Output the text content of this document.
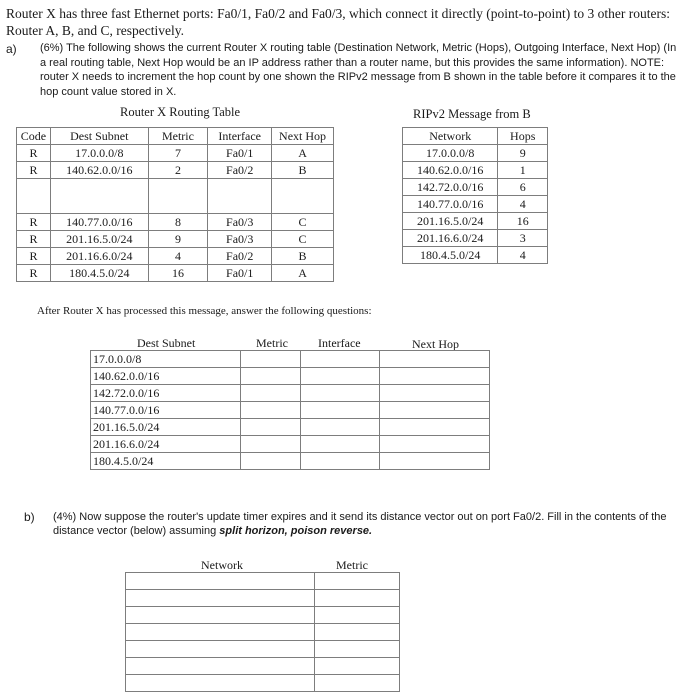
Router X has three fast Ethernet ports: Fa0/1, Fa0/2 and Fa0/3, which connect it directly (point-to-point) to 3 other routers: Router A, B, and C, respectively.
a) (6%) The following shows the current Router X routing table (Destination Network, Metric (Hops), Outgoing Interface, Next Hop) (In a real routing table, Next Hop would be an IP address rather than a router name, but this provides the same information). NOTE: router X needs to increment the hop count by one shown the RIPv2 message from B shown in the table before it compares it to the hop count value stored in X.
Router X Routing Table	RIPv2 Message from B
Code	Dest Subnet	Metric	Interface	Next Hop
R	17.0.0.0/8	7	Fa0/1	A
R	140.62.0.0/16	2	Fa0/2	B

R	140.77.0.0/16	8	Fa0/3	C
R	201.16.5.0/24	9	Fa0/3	C
R	201.16.6.0/24	4	Fa0/2	B
R	180.4.5.0/24	16	Fa0/1	A
Network	Hops
17.0.0.0/8	9
140.62.0.0/16	1
142.72.0.0/16	6
140.77.0.0/16	4
201.16.5.0/24	16
201.16.6.0/24	3
180.4.5.0/24	4
After Router X has processed this message, answer the following questions:
Dest Subnet	Metric	Interface	Next Hop
17.0.0.0/8			
140.62.0.0/16			
142.72.0.0/16			
140.77.0.0/16			
201.16.5.0/24			
201.16.6.0/24			
180.4.5.0/24			
b) (4%) Now suppose the router's update timer expires and it send its distance vector out on port Fa0/2. Fill in the contents of the distance vector (below) assuming split horizon, poison reverse.
Network	Metric
